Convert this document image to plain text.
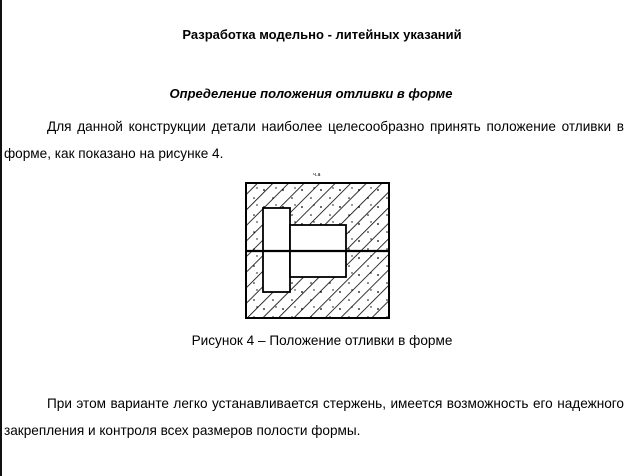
Разработка модельно - литейных указаний
Определение положения отливки в форме
Для данной конструкции детали наиболее целесообразно принять положение отливки в форме, как показано на рисунке 4.
ч.а
Рисунок 4 – Положение отливки в форме
При этом варианте легко устанавливается стержень, имеется возможность его надежного закрепления и контроля всех размеров полости формы.
